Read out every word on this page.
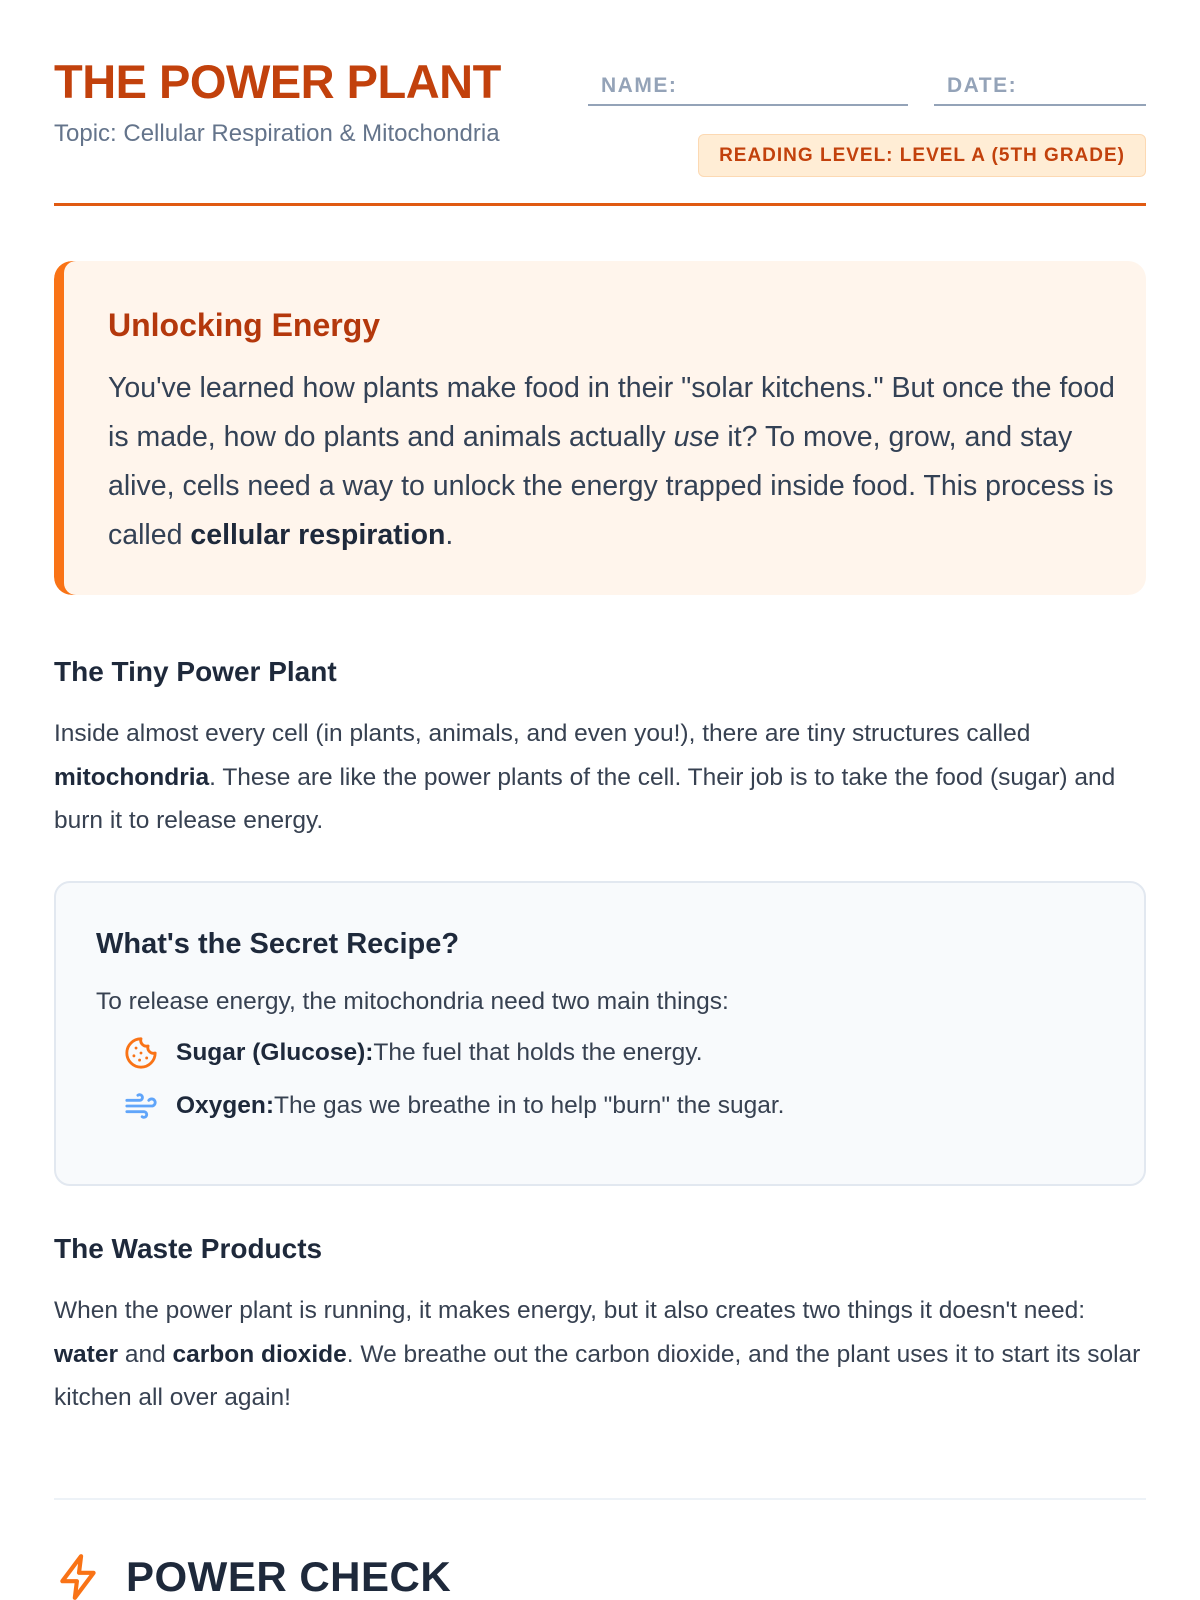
THE POWER PLANT
Topic: Cellular Respiration & Mitochondria
NAME:	DATE:
READING LEVEL: LEVEL A (5TH GRADE)
Unlocking Energy

You've learned how plants make food in their "solar kitchens." But once the food is made, how do plants and animals actually use it? To move, grow, and stay alive, cells need a way to unlock the energy trapped inside food. This process is called cellular respiration.

The Tiny Power Plant

Inside almost every cell (in plants, animals, and even you!), there are tiny structures called mitochondria. These are like the power plants of the cell. Their job is to take the food (sugar) and burn it to release energy.

What's the Secret Recipe?
To release energy, the mitochondria need two main things:
Sugar (Glucose): The fuel that holds the energy.
Oxygen: The gas we breathe in to help "burn" the sugar.
The Waste Products

When the power plant is running, it makes energy, but it also creates two things it doesn't need: water and carbon dioxide. We breathe out the carbon dioxide, and the plant uses it to start its solar kitchen all over again!

POWER CHECK
